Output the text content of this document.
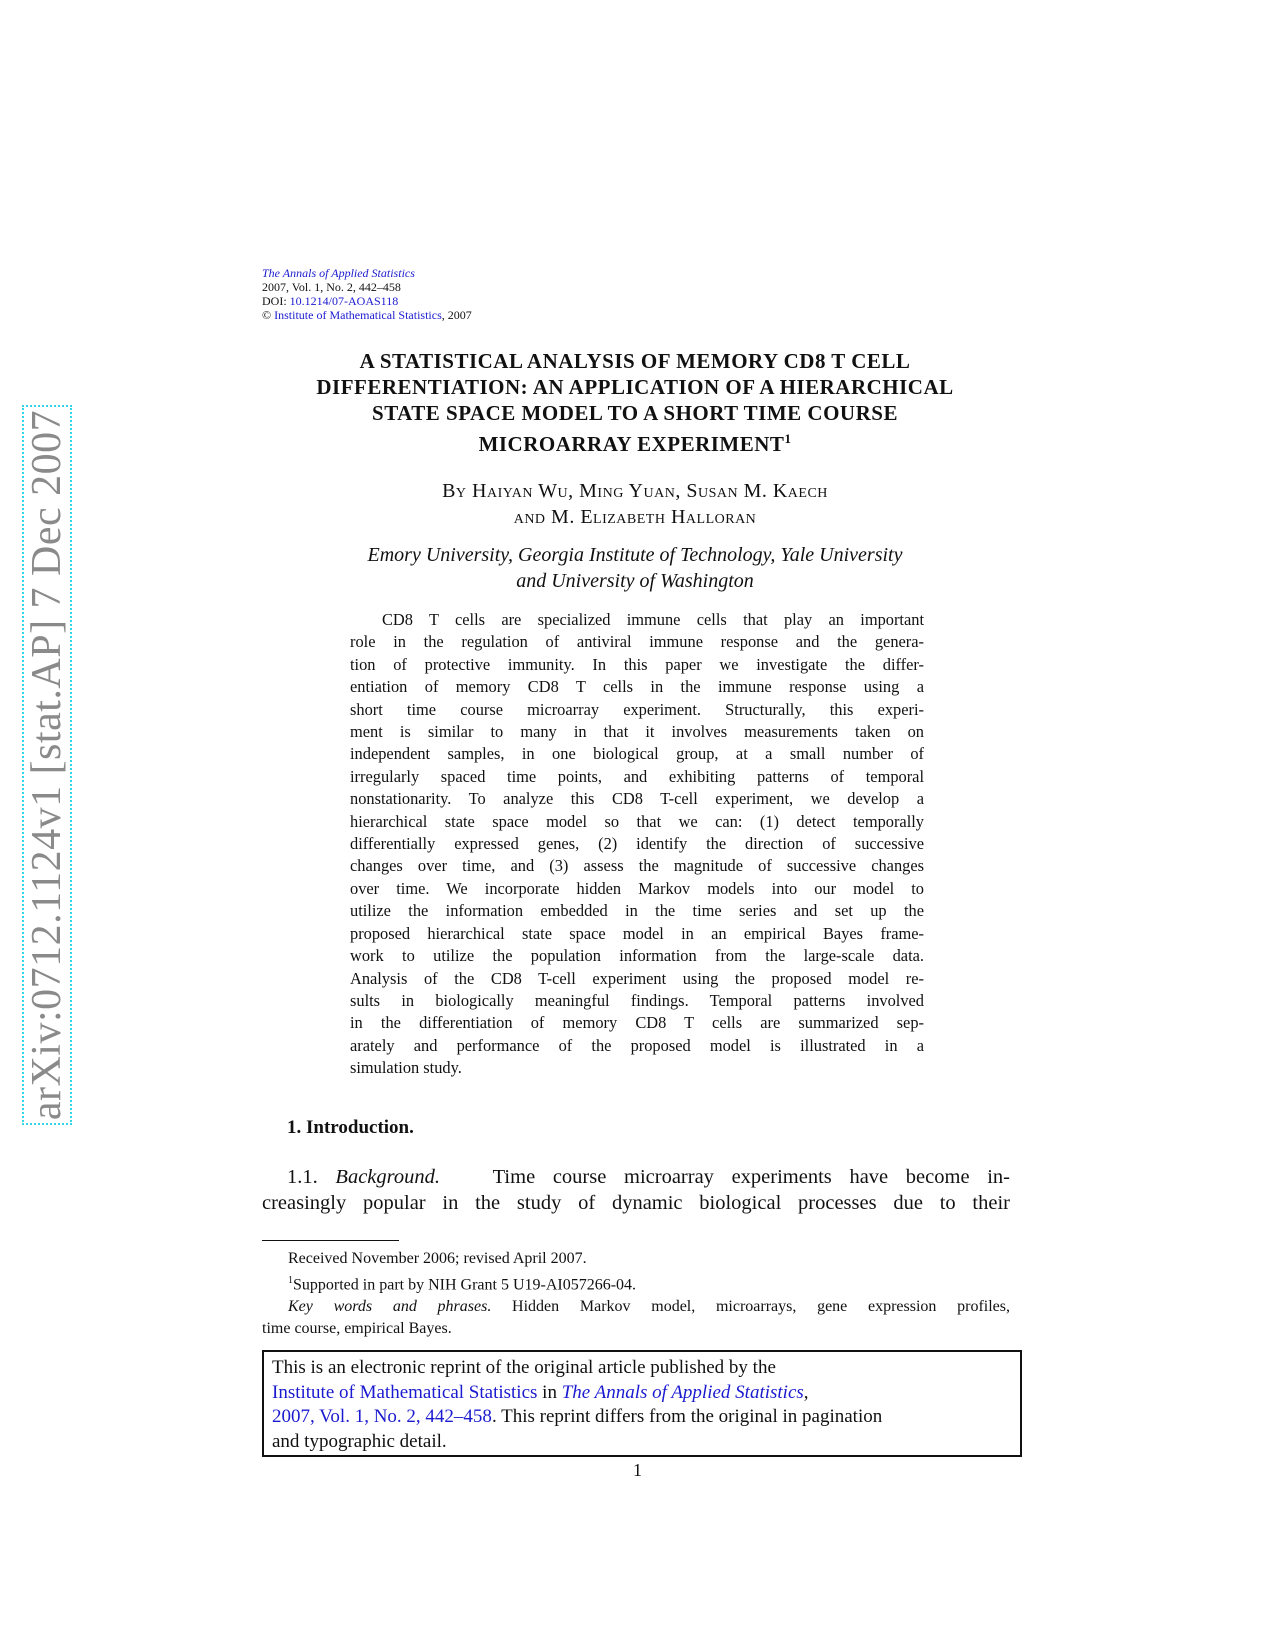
arXiv:0712.1124v1 [stat.AP] 7 Dec 2007
The Annals of Applied Statistics
2007, Vol. 1, No. 2, 442–458
DOI: 10.1214/07-AOAS118
© Institute of Mathematical Statistics, 2007
A STATISTICAL ANALYSIS OF MEMORY CD8 T CELL
DIFFERENTIATION: AN APPLICATION OF A HIERARCHICAL
STATE SPACE MODEL TO A SHORT TIME COURSE
MICROARRAY EXPERIMENT$^1$
By Haiyan Wu, Ming Yuan, Susan M. Kaech
and M. Elizabeth Halloran
Emory University, Georgia Institute of Technology, Yale University
and University of Washington
CD8 T cells are specialized immune cells that play an important
role in the regulation of antiviral immune response and the genera-
tion of protective immunity. In this paper we investigate the differ-
entiation of memory CD8 T cells in the immune response using a
short time course microarray experiment. Structurally, this experi-
ment is similar to many in that it involves measurements taken on
independent samples, in one biological group, at a small number of
irregularly spaced time points, and exhibiting patterns of temporal
nonstationarity. To analyze this CD8 T-cell experiment, we develop a
hierarchical state space model so that we can: (1) detect temporally
differentially expressed genes, (2) identify the direction of successive
changes over time, and (3) assess the magnitude of successive changes
over time. We incorporate hidden Markov models into our model to
utilize the information embedded in the time series and set up the
proposed hierarchical state space model in an empirical Bayes frame-
work to utilize the population information from the large-scale data.
Analysis of the CD8 T-cell experiment using the proposed model re-
sults in biologically meaningful findings. Temporal patterns involved
in the differentiation of memory CD8 T cells are summarized sep-
arately and performance of the proposed model is illustrated in a
simulation study.
1. Introduction.
1.1. Background.	Time course microarray experiments have become in-
creasingly popular in the study of dynamic biological processes due to their
Received November 2006; revised April 2007.
$^1$Supported in part by NIH Grant 5 U19-AI057266-04.
Key words and phrases. Hidden Markov model, microarrays, gene expression profiles,
time course, empirical Bayes.
This is an electronic reprint of the original article published by the
Institute of Mathematical Statistics in The Annals of Applied Statistics,
2007, Vol. 1, No. 2, 442–458. This reprint differs from the original in pagination
and typographic detail.
1
